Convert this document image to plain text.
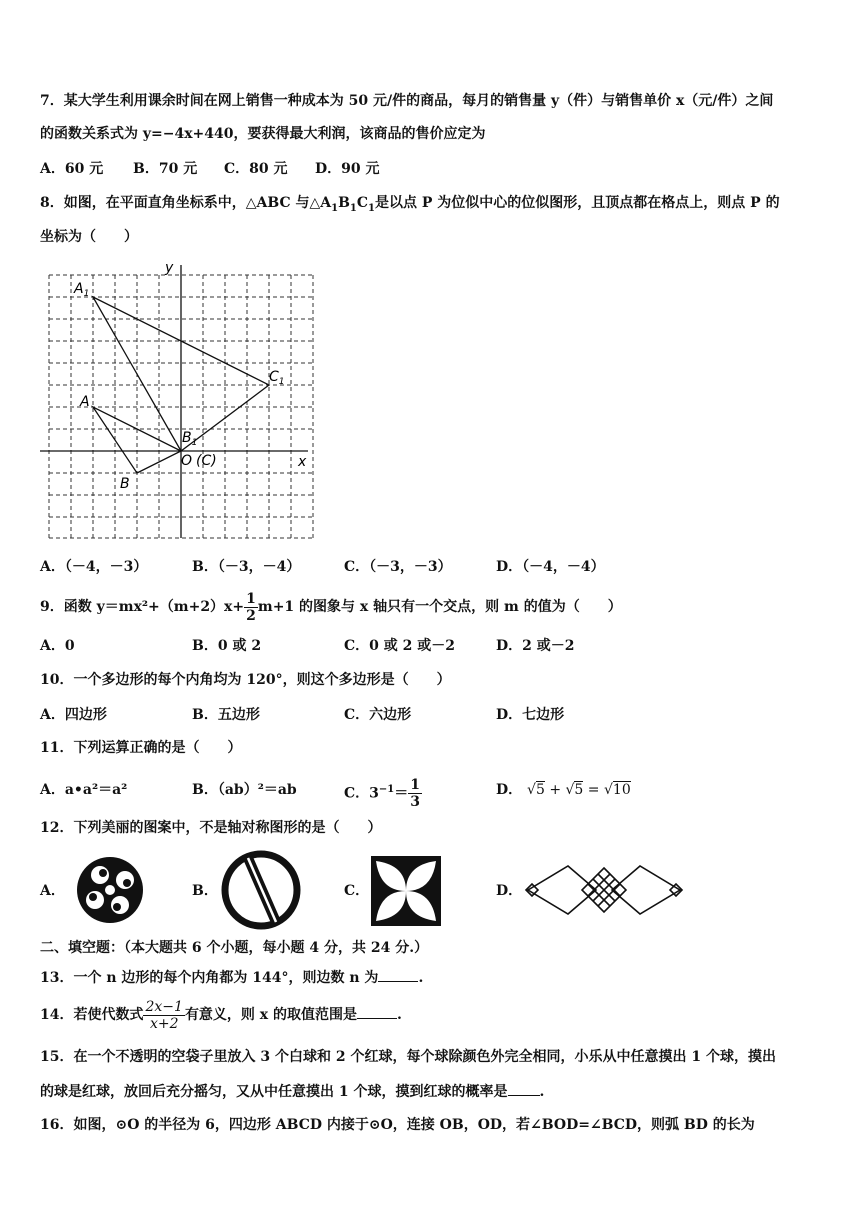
7．某大学生利用课余时间在网上销售一种成本为 50 元/件的商品，每月的销售量 y（件）与销售单价 x（元/件）之间
的函数关系式为 y=−4x+440，要获得最大利润，该商品的售价应定为
A．60 元 B．70 元 C．80 元 D．90 元
8．如图，在平面直角坐标系中，△ABC 与$\triangle A_1B_1C_1$是以点 P 为位似中心的位似图形，且顶点都在格点上，则点 P 的
坐标为（　　）
$A_1$
$C_1$
A
$B_1$
B
O (C)	x
y
A．（－4，－3）	B．（－3，－4）	C．（－3，－3）	D．（－4，－4）
9．函数 $y=mx^2+(m+2)x+ \frac{1}{2} m+1$ 的图象与 x 轴只有一个交点，则 m 的值为（　　）
A．0	B．0 或 2	C．0 或 2 或－2	D．2 或－2
10．一个多边形的每个内角均为 120°，则这个多边形是（　　）
A．四边形	B．五边形	C．六边形	D．七边形
11．下列运算正确的是（　　）
A．a•a²＝a²	B．（ab）²＝ab	C．$3^{-1}= \frac{1}{3}$	D． √5 + √5 = √10
12．下列美丽的图案中，不是轴对称图形的是（　　）
A．	B．	C．	D．
二、填空题：（本大题共 6 个小题，每小题 4 分，共 24 分.）
13．一个 n 边形的每个内角都为 144°，则边数 n 为	.
14．若使代数式 $\frac{2x-1}{x+2}$ 有意义，则 x 的取值范围是	.
15．在一个不透明的空袋子里放入 3 个白球和 2 个红球，每个球除颜色外完全相同，小乐从中任意摸出 1 个球，摸出
的球是红球，放回后充分摇匀，又从中任意摸出 1 个球，摸到红球的概率是 .
16．如图，⊙O 的半径为 6，四边形 ABCD 内接于⊙O，连接 OB，OD，若∠BOD=∠BCD，则弧 BD 的长为
